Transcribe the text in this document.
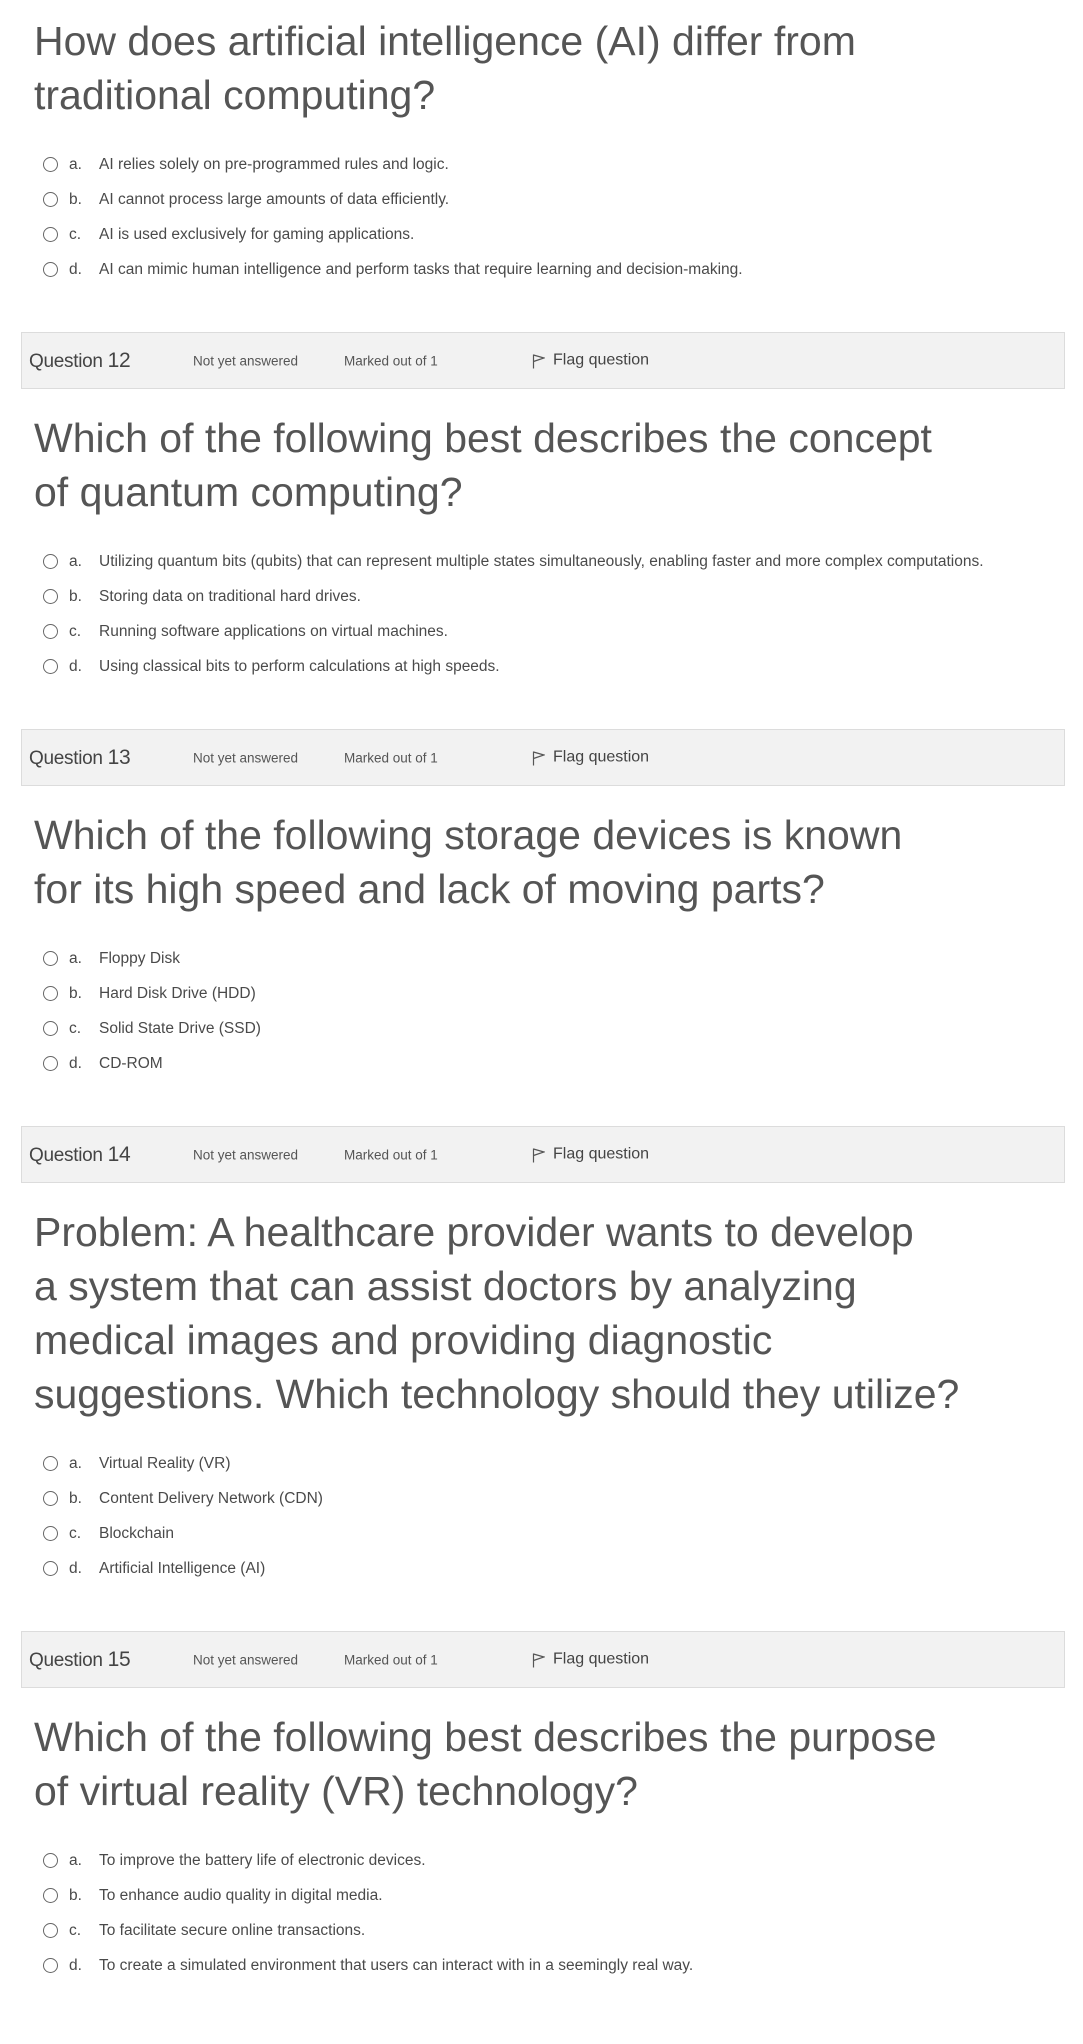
How does artificial intelligence (AI) differ from
traditional computing?
a.	AI relies solely on pre-programmed rules and logic.
b.	AI cannot process large amounts of data efficiently.
c.	AI is used exclusively for gaming applications.
d.	AI can mimic human intelligence and perform tasks that require learning and decision-making.
Question 12	Not yet answered	Marked out of 1	Flag question
Which of the following best describes the concept
of quantum computing?
a.	Utilizing quantum bits (qubits) that can represent multiple states simultaneously, enabling faster and more complex computations.
b.	Storing data on traditional hard drives.
c.	Running software applications on virtual machines.
d.	Using classical bits to perform calculations at high speeds.
Question 13	Not yet answered	Marked out of 1	Flag question
Which of the following storage devices is known
for its high speed and lack of moving parts?
a.	Floppy Disk
b.	Hard Disk Drive (HDD)
c.	Solid State Drive (SSD)
d.	CD-ROM
Question 14	Not yet answered	Marked out of 1	Flag question
Problem: A healthcare provider wants to develop
a system that can assist doctors by analyzing
medical images and providing diagnostic
suggestions. Which technology should they utilize?
a.	Virtual Reality (VR)
b.	Content Delivery Network (CDN)
c.	Blockchain
d.	Artificial Intelligence (AI)
Question 15	Not yet answered	Marked out of 1	Flag question
Which of the following best describes the purpose
of virtual reality (VR) technology?
a.	To improve the battery life of electronic devices.
b.	To enhance audio quality in digital media.
c.	To facilitate secure online transactions.
d.	To create a simulated environment that users can interact with in a seemingly real way.
